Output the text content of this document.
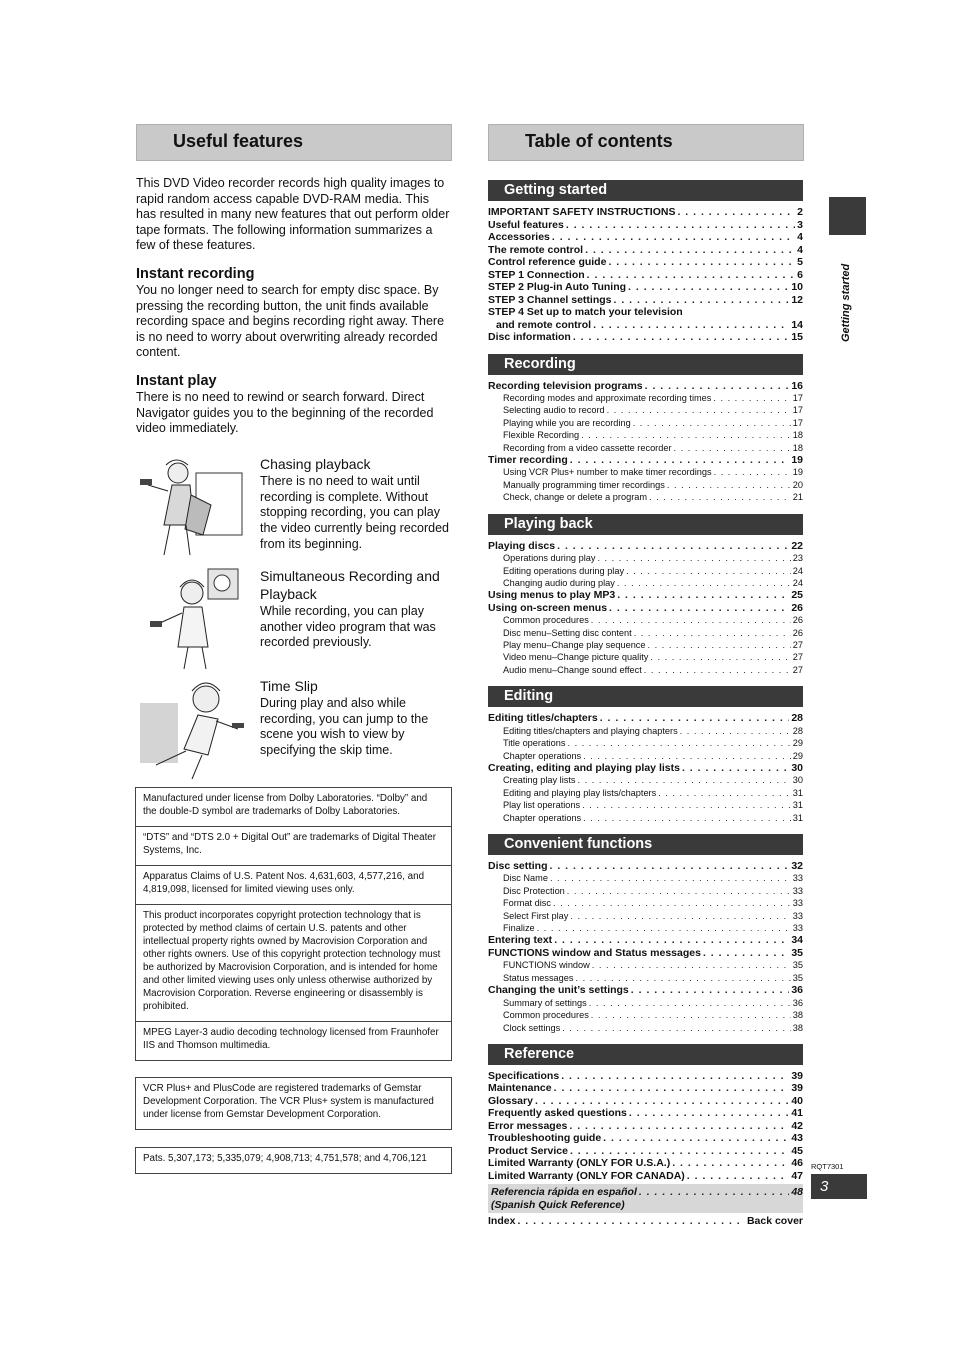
Useful features	Table of contents

This DVD Video recorder records high quality images to rapid random access capable DVD-RAM media. This has resulted in many new features that out perform older tape formats. The following information summarizes a few of these features.

Instant recording

You no longer need to search for empty disc space. By pressing the recording button, the unit finds available recording space and begins recording right away. There is no need to worry about overwriting already recorded content.

Instant play

There is no need to rewind or search forward. Direct Navigator guides you to the beginning of the recorded video immediately.

Chasing playback

There is no need to wait until recording is complete. Without stopping recording, you can play the video currently being recorded from its beginning.

Simultaneous Recording and Playback

While recording, you can play another video program that was recorded previously.

Time Slip

During play and also while recording, you can jump to the scene you wish to view by specifying the skip time.

Manufactured under license from Dolby Laboratories. “Dolby” and the double-D symbol are trademarks of Dolby Laboratories.

“DTS” and “DTS 2.0 + Digital Out” are trademarks of Digital Theater Systems, Inc.

Apparatus Claims of U.S. Patent Nos. 4,631,603, 4,577,216, and 4,819,098, licensed for limited viewing uses only.

This product incorporates copyright protection technology that is protected by method claims of certain U.S. patents and other intellectual property rights owned by Macrovision Corporation and other rights owners. Use of this copyright protection technology must be authorized by Macrovision Corporation, and is intended for home and other limited viewing uses only unless otherwise authorized by Macrovision Corporation. Reverse engineering or disassembly is prohibited.

MPEG Layer-3 audio decoding technology licensed from Fraunhofer IIS and Thomson multimedia.

VCR Plus+ and PlusCode are registered trademarks of Gemstar Development Corporation. The VCR Plus+ system is manufactured under license from Gemstar Development Corporation.

Pats. 5,307,173; 5,335,079; 4,908,713; 4,751,578; and 4,706,121

Getting started
IMPORTANT SAFETY INSTRUCTIONS . . .	2
Useful features . . .	3
Accessories . . .	4
The remote control . . .	4
Control reference guide . . .	5
STEP 1 Connection . . .	6
STEP 2 Plug-in Auto Tuning . . .	10
STEP 3 Channel settings . . .	12
STEP 4 Set up to match your television
and remote control . . .	14
Disc information . . .	15
Recording
Recording television programs . . .	16
Recording modes and approximate recording times . . .	17
Selecting audio to record . . .	17
Playing while you are recording . . .	17
Flexible Recording . . .	18
Recording from a video cassette recorder . . .	18
Timer recording . . .	19
Using VCR Plus+ number to make timer recordings . . .	19
Manually programming timer recordings . . .	20
Check, change or delete a program . . .	21
Playing back
Playing discs . . .	22
Operations during play . . .	23
Editing operations during play . . .	24
Changing audio during play . . .	24
Using menus to play MP3 . . .	25
Using on-screen menus . . .	26
Common procedures . . .	26
Disc menu–Setting disc content . . .	26
Play menu–Change play sequence . . .	27
Video menu–Change picture quality . . .	27
Audio menu–Change sound effect . . .	27
Editing
Editing titles/chapters . . .	28
Editing titles/chapters and playing chapters . . .	28
Title operations . . .	29
Chapter operations . . .	29
Creating, editing and playing play lists . . .	30
Creating play lists . . .	30
Editing and playing play lists/chapters . . .	31
Play list operations . . .	31
Chapter operations . . .	31
Convenient functions
Disc setting . . .	32
Disc Name . . .	33
Disc Protection . . .	33
Format disc . . .	33
Select First play . . .	33
Finalize . . .	33
Entering text . . .	34
FUNCTIONS window and Status messages . . .	35
FUNCTIONS window . . .	35
Status messages . . .	35
Changing the unit’s settings . . .	36
Summary of settings . . .	36
Common procedures . . .	38
Clock settings . . .	38
Reference
Specifications . . .	39
Maintenance . . .	39
Glossary . . .	40
Frequently asked questions . . .	41
Error messages . . .	42
Troubleshooting guide . . .	43
Product Service . . .	45
Limited Warranty (ONLY FOR U.S.A.) . . .	46
Limited Warranty (ONLY FOR CANADA) . . .	47
Referencia rápida en español . . .	48
(Spanish Quick Reference)
Index . . .	Back cover
Getting started
RQT7301
3
